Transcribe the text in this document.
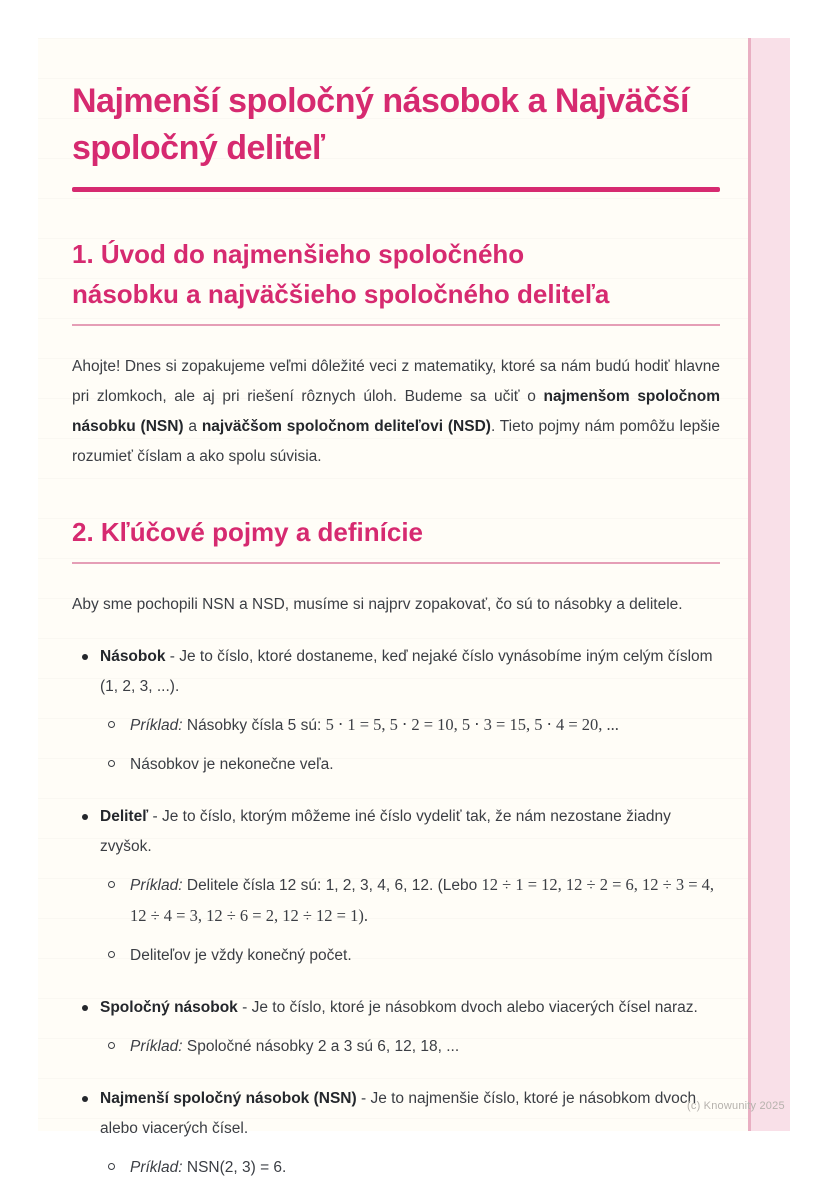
Najmenší spoločný násobok a Najväčší spoločný deliteľ
1. Úvod do najmenšieho spoločného násobku a najväčšieho spoločného deliteľa

Ahojte! Dnes si zopakujeme veľmi dôležité veci z matematiky, ktoré sa nám budú hodiť hlavne pri zlomkoch, ale aj pri riešení rôznych úloh. Budeme sa učiť o najmenšom spoločnom násobku (NSN) a najväčšom spoločnom deliteľovi (NSD). Tieto pojmy nám pomôžu lepšie rozumieť číslam a ako spolu súvisia.

2. Kľúčové pojmy a definície

Aby sme pochopili NSN a NSD, musíme si najprv zopakovať, čo sú to násobky a delitele.

Násobok - Je to číslo, ktoré dostaneme, keď nejaké číslo vynásobíme iným celým číslom (1, 2, 3, ...).
Príklad: Násobky čísla 5 sú: 5 ⋅ 1 = 5, 5 ⋅ 2 = 10, 5 ⋅ 3 = 15, 5 ⋅ 4 = 20, ...
Násobkov je nekonečne veľa.
Deliteľ - Je to číslo, ktorým môžeme iné číslo vydeliť tak, že nám nezostane žiadny zvyšok.
Príklad: Delitele čísla 12 sú: 1, 2, 3, 4, 6, 12. (Lebo 12 ÷ 1 = 12, 12 ÷ 2 = 6, 12 ÷ 3 = 4, 12 ÷ 4 = 3, 12 ÷ 6 = 2, 12 ÷ 12 = 1).
Deliteľov je vždy konečný počet.
Spoločný násobok - Je to číslo, ktoré je násobkom dvoch alebo viacerých čísel naraz.
Príklad: Spoločné násobky 2 a 3 sú 6, 12, 18, ...
Najmenší spoločný násobok (NSN) - Je to najmenšie číslo, ktoré je násobkom dvoch alebo viacerých čísel.
Príklad: NSN(2, 3) = 6.
(c) Knowunity 2025
